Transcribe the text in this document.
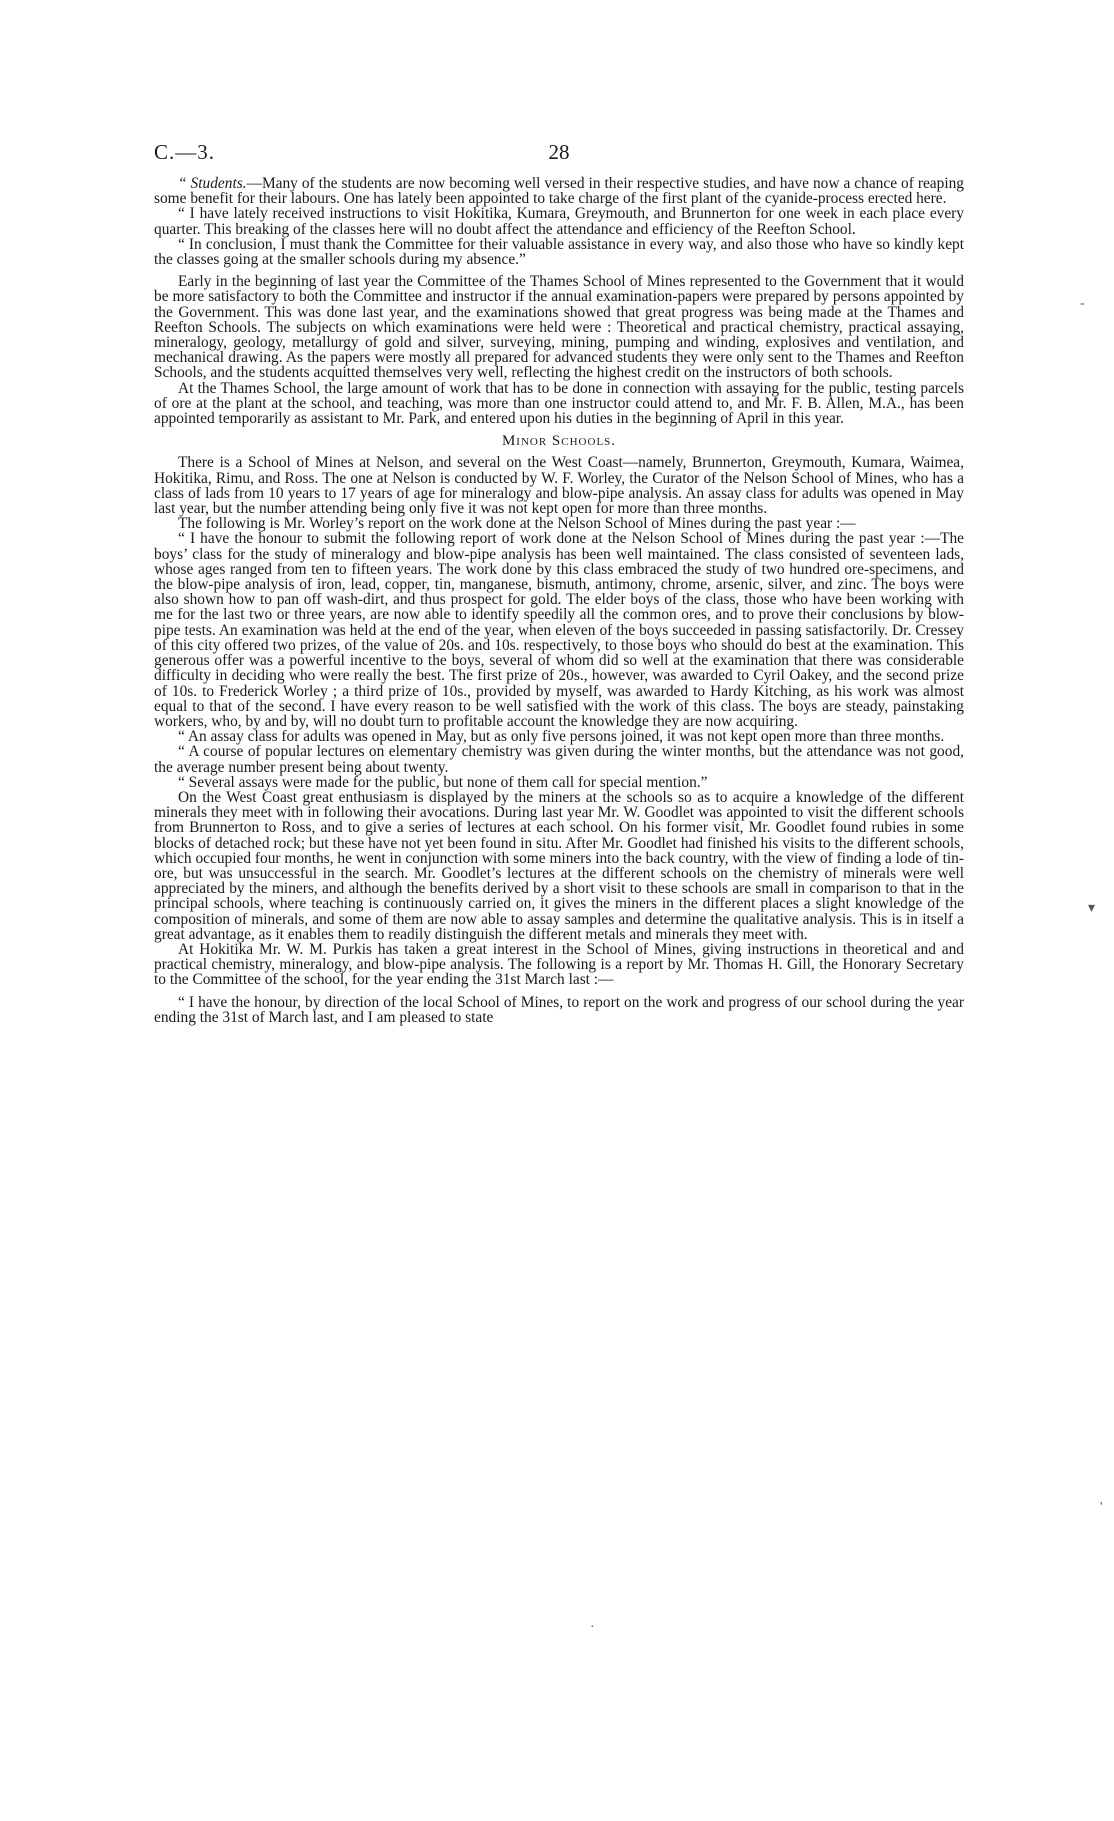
C.—3.	28

“ Students.—Many of the students are now becoming well versed in their respective studies, and have now a chance of reaping some benefit for their labours. One has lately been appointed to take charge of the first plant of the cyanide-process erected here.

“ I have lately received instructions to visit Hokitika, Kumara, Greymouth, and Brunnerton for one week in each place every quarter. This breaking of the classes here will no doubt affect the attendance and efficiency of the Reefton School.

“ In conclusion, I must thank the Committee for their valuable assistance in every way, and also those who have so kindly kept the classes going at the smaller schools during my absence.”

Early in the beginning of last year the Committee of the Thames School of Mines represented to the Government that it would be more satisfactory to both the Committee and instructor if the annual examination-papers were prepared by persons appointed by the Government. This was done last year, and the examinations showed that great progress was being made at the Thames and Reefton Schools. The subjects on which examinations were held were : Theoretical and practical chemistry, practical assaying, mineralogy, geology, metallurgy of gold and silver, surveying, mining, pumping and winding, explosives and ventilation, and mechanical drawing. As the papers were mostly all prepared for advanced students they were only sent to the Thames and Reefton Schools, and the students acquitted themselves very well, reflecting the highest credit on the instructors of both schools.

At the Thames School, the large amount of work that has to be done in connection with assaying for the public, testing parcels of ore at the plant at the school, and teaching, was more than one instructor could attend to, and Mr. F. B. Allen, M.A., has been appointed temporarily as assistant to Mr. Park, and entered upon his duties in the beginning of April in this year.

Minor Schools.

There is a School of Mines at Nelson, and several on the West Coast—namely, Brunnerton, Greymouth, Kumara, Waimea, Hokitika, Rimu, and Ross. The one at Nelson is conducted by W. F. Worley, the Curator of the Nelson School of Mines, who has a class of lads from 10 years to 17 years of age for mineralogy and blow-pipe analysis. An assay class for adults was opened in May last year, but the number attending being only five it was not kept open for more than three months.

The following is Mr. Worley’s report on the work done at the Nelson School of Mines during the past year :—

“ I have the honour to submit the following report of work done at the Nelson School of Mines during the past year :—The boys’ class for the study of mineralogy and blow-pipe analysis has been well maintained. The class consisted of seventeen lads, whose ages ranged from ten to fifteen years. The work done by this class embraced the study of two hundred ore-specimens, and the blow-pipe analysis of iron, lead, copper, tin, manganese, bismuth, antimony, chrome, arsenic, silver, and zinc. The boys were also shown how to pan off wash-dirt, and thus prospect for gold. The elder boys of the class, those who have been working with me for the last two or three years, are now able to identify speedily all the common ores, and to prove their conclusions by blow-pipe tests. An examination was held at the end of the year, when eleven of the boys succeeded in passing satisfactorily. Dr. Cressey of this city offered two prizes, of the value of 20s. and 10s. respectively, to those boys who should do best at the examination. This generous offer was a powerful incentive to the boys, several of whom did so well at the examination that there was considerable difficulty in deciding who were really the best. The first prize of 20s., however, was awarded to Cyril Oakey, and the second prize of 10s. to Frederick Worley ; a third prize of 10s., provided by myself, was awarded to Hardy Kitching, as his work was almost equal to that of the second. I have every reason to be well satisfied with the work of this class. The boys are steady, painstaking workers, who, by and by, will no doubt turn to profitable account the knowledge they are now acquiring.

“ An assay class for adults was opened in May, but as only five persons joined, it was not kept open more than three months.

“ A course of popular lectures on elementary chemistry was given during the winter months, but the attendance was not good, the average number present being about twenty.

“ Several assays were made for the public, but none of them call for special mention.”

On the West Coast great enthusiasm is displayed by the miners at the schools so as to acquire a knowledge of the different minerals they meet with in following their avocations. During last year Mr. W. Goodlet was appointed to visit the different schools from Brunnerton to Ross, and to give a series of lectures at each school. On his former visit, Mr. Goodlet found rubies in some blocks of detached rock; but these have not yet been found in situ. After Mr. Goodlet had finished his visits to the different schools, which occupied four months, he went in conjunction with some miners into the back country, with the view of finding a lode of tin-ore, but was unsuccessful in the search. Mr. Goodlet’s lectures at the different schools on the chemistry of minerals were well appreciated by the miners, and although the benefits derived by a short visit to these schools are small in comparison to that in the principal schools, where teaching is continuously carried on, it gives the miners in the different places a slight knowledge of the composition of minerals, and some of them are now able to assay samples and determine the qualitative analysis. This is in itself a great advantage, as it enables them to readily distinguish the different metals and minerals they meet with.

At Hokitika Mr. W. M. Purkis has taken a great interest in the School of Mines, giving instructions in theoretical and and practical chemistry, mineralogy, and blow-pipe analysis. The following is a report by Mr. Thomas H. Gill, the Honorary Secretary to the Committee of the school, for the year ending the 31st March last :—

“ I have the honour, by direction of the local School of Mines, to report on the work and progress of our school during the year ending the 31st of March last, and I am pleased to state

-
▾
'
·
